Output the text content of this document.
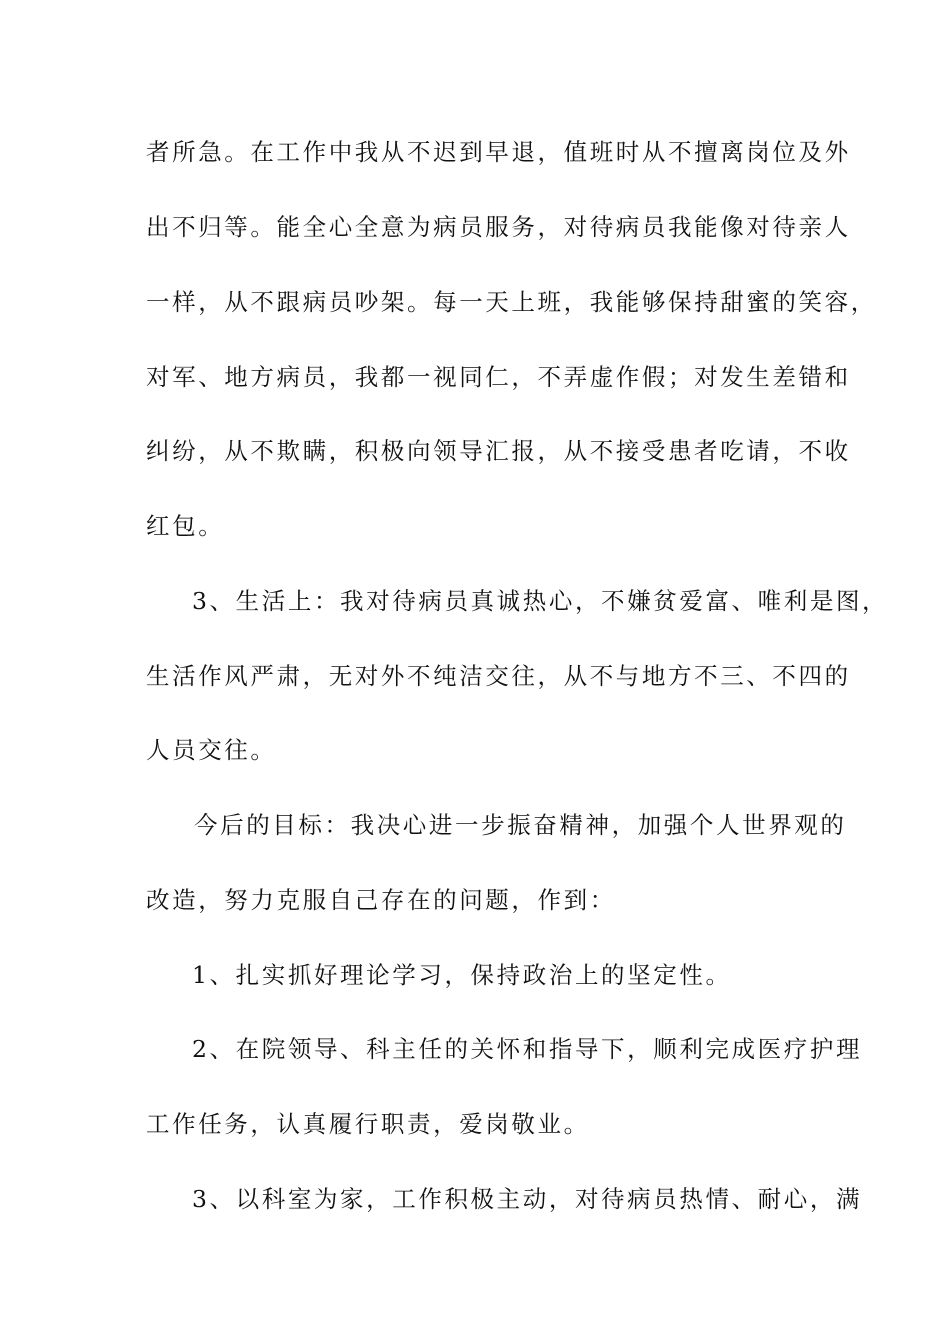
者所急。在工作中我从不迟到早退，值班时从不擅离岗位及外

出不归等。能全心全意为病员服务，对待病员我能像对待亲人

一样，从不跟病员吵架。每一天上班，我能够保持甜蜜的笑容，

对军、地方病员，我都一视同仁，不弄虚作假；对发生差错和

纠纷，从不欺瞒，积极向领导汇报，从不接受患者吃请，不收

红包。

3、生活上：我对待病员真诚热心，不嫌贫爱富、唯利是图，

生活作风严肃，无对外不纯洁交往，从不与地方不三、不四的

人员交往。

今后的目标：我决心进一步振奋精神，加强个人世界观的

改造，努力克服自己存在的问题，作到：

1、扎实抓好理论学习，保持政治上的坚定性。

2、在院领导、科主任的关怀和指导下，顺利完成医疗护理

工作任务，认真履行职责，爱岗敬业。

3、以科室为家，工作积极主动，对待病员热情、耐心，满
